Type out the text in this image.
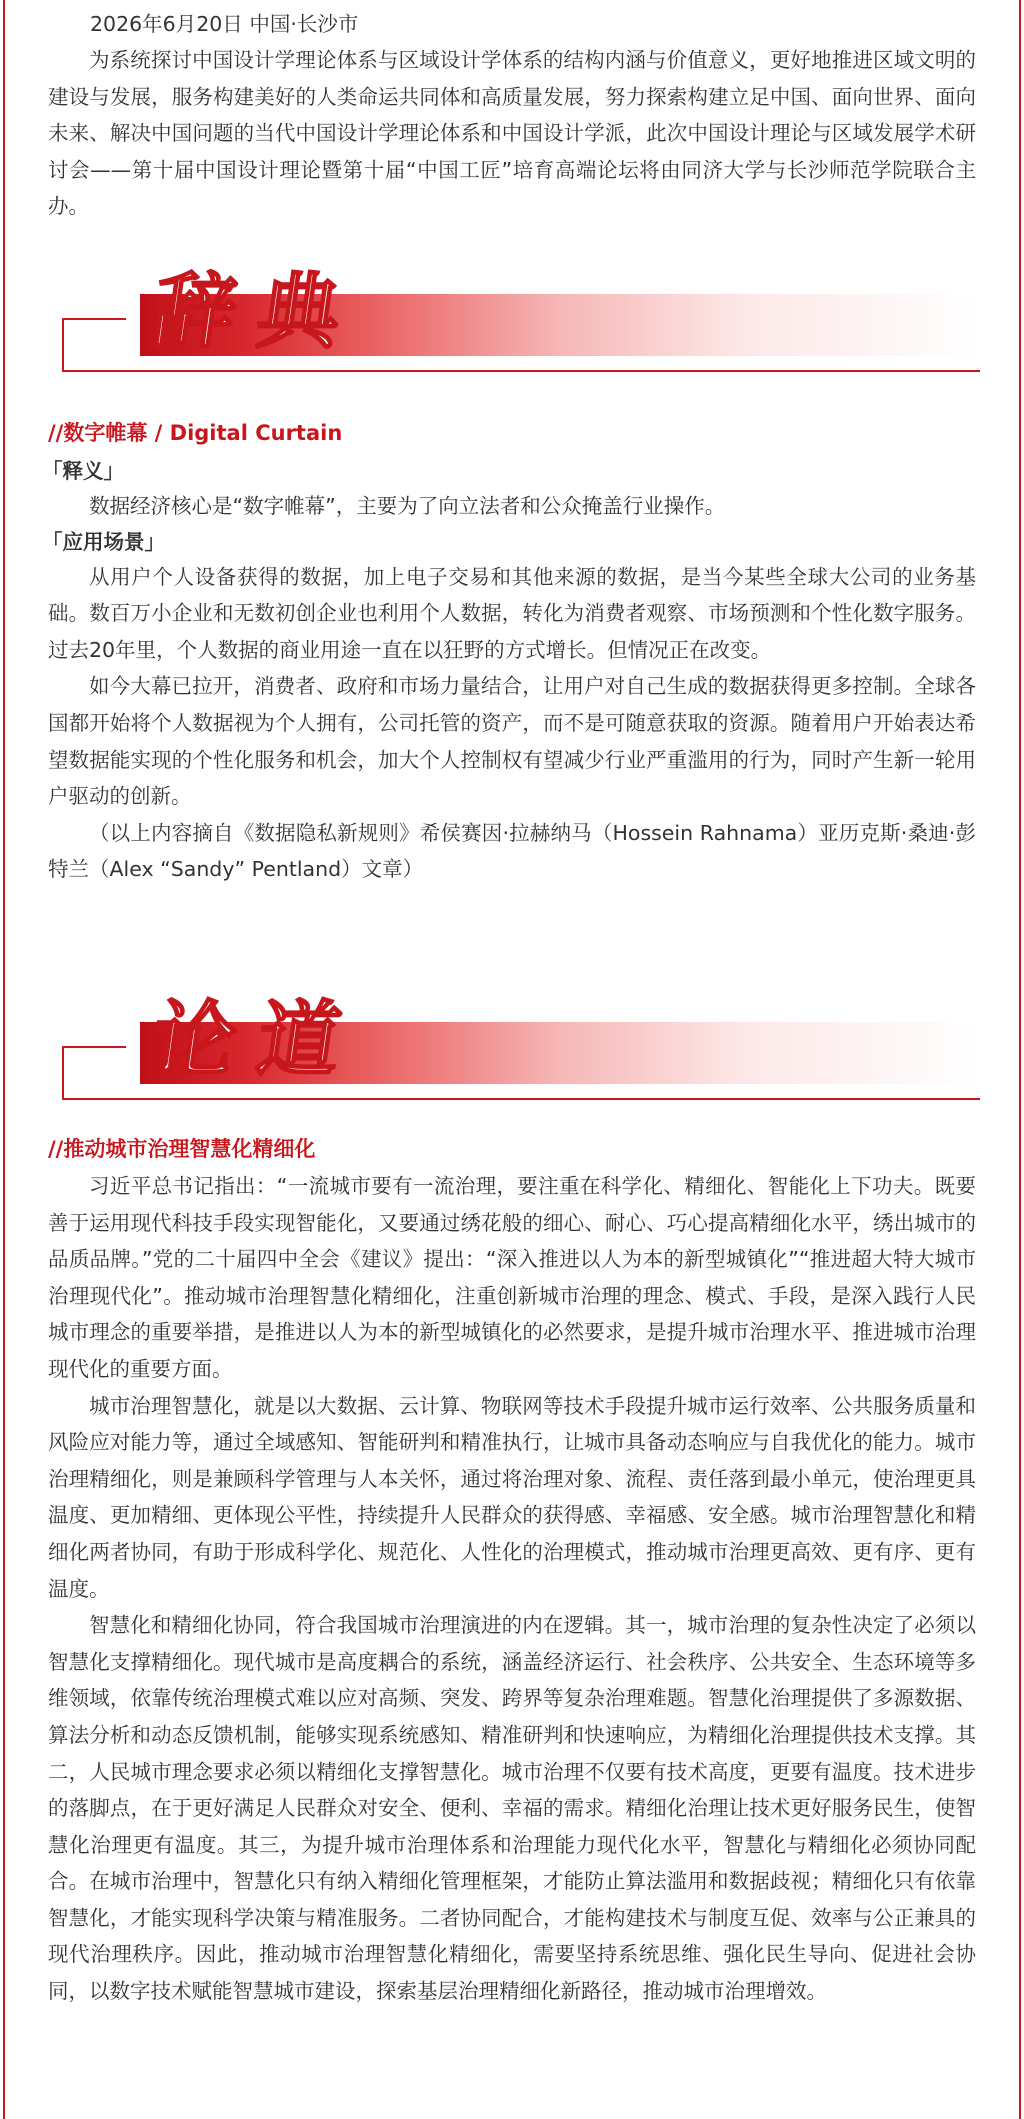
2026年6月20日 中国·长沙市

为系统探讨中国设计学理论体系与区域设计学体系的结构内涵与价值意义，更好地推进区域文明的建设与发展，服务构建美好的人类命运共同体和高质量发展，努力探索构建立足中国、面向世界、面向未来、解决中国问题的当代中国设计学理论体系和中国设计学派，此次中国设计理论与区域发展学术研讨会——第十届中国设计理论暨第十届“中国工匠”培育高端论坛将由同济大学与长沙师范学院联合主办。

辞典
//数字帷幕 / Digital Curtain
「释义」

数据经济核心是“数字帷幕”，主要为了向立法者和公众掩盖行业操作。

「应用场景」

从用户个人设备获得的数据，加上电子交易和其他来源的数据，是当今某些全球大公司的业务基础。数百万小企业和无数初创企业也利用个人数据，转化为消费者观察、市场预测和个性化数字服务。过去20年里，个人数据的商业用途一直在以狂野的方式增长。但情况正在改变。

如今大幕已拉开，消费者、政府和市场力量结合，让用户对自己生成的数据获得更多控制。全球各国都开始将个人数据视为个人拥有，公司托管的资产，而不是可随意获取的资源。随着用户开始表达希望数据能实现的个性化服务和机会，加大个人控制权有望减少行业严重滥用的行为，同时产生新一轮用户驱动的创新。

（以上内容摘自《数据隐私新规则》希侯赛因·拉赫纳马（Hossein Rahnama）亚历克斯·桑迪·彭特兰（Alex “Sandy” Pentland）文章）

论道
//推动城市治理智慧化精细化

习近平总书记指出：“一流城市要有一流治理，要注重在科学化、精细化、智能化上下功夫。既要善于运用现代科技手段实现智能化，又要通过绣花般的细心、耐心、巧心提高精细化水平，绣出城市的品质品牌。”党的二十届四中全会《建议》提出：“深入推进以人为本的新型城镇化”“推进超大特大城市治理现代化”。推动城市治理智慧化精细化，注重创新城市治理的理念、模式、手段，是深入践行人民城市理念的重要举措，是推进以人为本的新型城镇化的必然要求，是提升城市治理水平、推进城市治理现代化的重要方面。

城市治理智慧化，就是以大数据、云计算、物联网等技术手段提升城市运行效率、公共服务质量和风险应对能力等，通过全域感知、智能研判和精准执行，让城市具备动态响应与自我优化的能力。城市治理精细化，则是兼顾科学管理与人本关怀，通过将治理对象、流程、责任落到最小单元，使治理更具温度、更加精细、更体现公平性，持续提升人民群众的获得感、幸福感、安全感。城市治理智慧化和精细化两者协同，有助于形成科学化、规范化、人性化的治理模式，推动城市治理更高效、更有序、更有温度。

智慧化和精细化协同，符合我国城市治理演进的内在逻辑。其一，城市治理的复杂性决定了必须以智慧化支撑精细化。现代城市是高度耦合的系统，涵盖经济运行、社会秩序、公共安全、生态环境等多维领域，依靠传统治理模式难以应对高频、突发、跨界等复杂治理难题。智慧化治理提供了多源数据、算法分析和动态反馈机制，能够实现系统感知、精准研判和快速响应，为精细化治理提供技术支撑。其二，人民城市理念要求必须以精细化支撑智慧化。城市治理不仅要有技术高度，更要有温度。技术进步的落脚点，在于更好满足人民群众对安全、便利、幸福的需求。精细化治理让技术更好服务民生，使智慧化治理更有温度。其三，为提升城市治理体系和治理能力现代化水平，智慧化与精细化必须协同配合。在城市治理中，智慧化只有纳入精细化管理框架，才能防止算法滥用和数据歧视；精细化只有依靠智慧化，才能实现科学决策与精准服务。二者协同配合，才能构建技术与制度互促、效率与公正兼具的现代治理秩序。因此，推动城市治理智慧化精细化，需要坚持系统思维、强化民生导向、促进社会协同，以数字技术赋能智慧城市建设，探索基层治理精细化新路径，推动城市治理增效。
